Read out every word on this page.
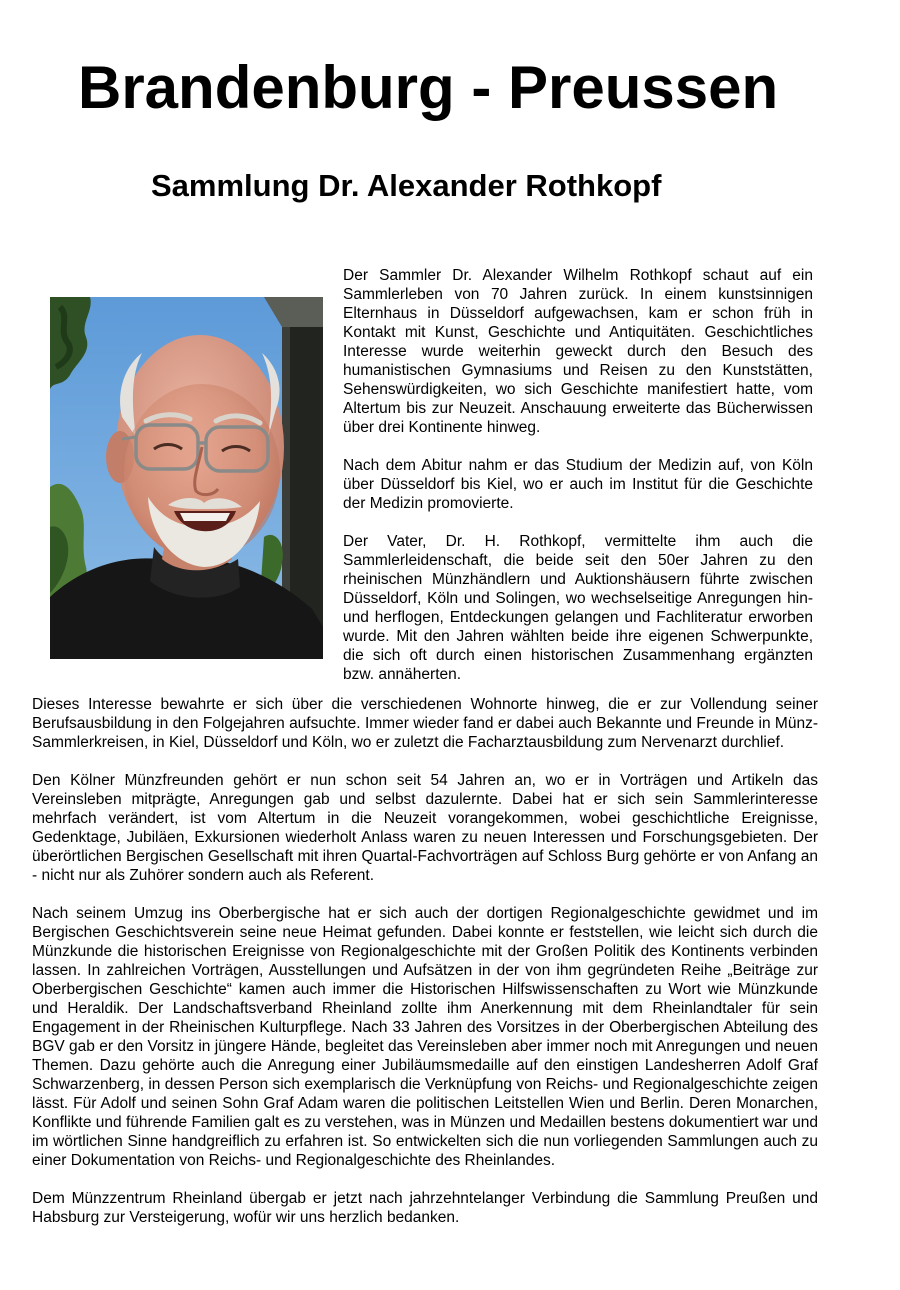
Brandenburg - Preussen
Sammlung Dr. Alexander Rothkopf

Der Sammler Dr. Alexander Wilhelm Rothkopf schaut auf ein Sammlerleben von 70 Jahren zurück. In einem kunstsinnigen Elternhaus in Düsseldorf aufgewachsen, kam er schon früh in Kontakt mit Kunst, Geschichte und Antiquitäten. Geschichtliches Interesse wurde weiterhin geweckt durch den Besuch des humanistischen Gymnasiums und Reisen zu den Kunststätten, Sehenswürdigkeiten, wo sich Geschichte manifestiert hatte, vom Altertum bis zur Neuzeit. Anschauung erweiterte das Bücherwissen über drei Kontinente hinweg.

Nach dem Abitur nahm er das Studium der Medizin auf, von Köln über Düsseldorf bis Kiel, wo er auch im Institut für die Geschichte der Medizin promovierte.

Der Vater, Dr. H. Rothkopf, vermittelte ihm auch die Sammlerleidenschaft, die beide seit den 50er Jahren zu den rheinischen Münzhändlern und Auktionshäusern führte zwischen Düsseldorf, Köln und Solingen, wo wechselseitige Anregungen hin- und herflogen, Entdeckungen gelangen und Fachliteratur erworben wurde. Mit den Jahren wählten beide ihre eigenen Schwerpunkte, die sich oft durch einen historischen Zusammenhang ergänzten bzw. annäherten.

Dieses Interesse bewahrte er sich über die verschiedenen Wohnorte hinweg, die er zur Vollendung seiner Berufsausbildung in den Folgejahren aufsuchte. Immer wieder fand er dabei auch Bekannte und Freunde in Münz-Sammlerkreisen, in Kiel, Düsseldorf und Köln, wo er zuletzt die Facharztausbildung zum Nervenarzt durchlief.

Den Kölner Münzfreunden gehört er nun schon seit 54 Jahren an, wo er in Vorträgen und Artikeln das Vereinsleben mitprägte, Anregungen gab und selbst dazulernte. Dabei hat er sich sein Sammlerinteresse mehrfach verändert, ist vom Altertum in die Neuzeit vorangekommen, wobei geschichtliche Ereignisse, Gedenktage, Jubiläen, Exkursionen wiederholt Anlass waren zu neuen Interessen und Forschungsgebieten. Der überörtlichen Bergischen Gesellschaft mit ihren Quartal-Fachvorträgen auf Schloss Burg gehörte er von Anfang an - nicht nur als Zuhörer sondern auch als Referent.

Nach seinem Umzug ins Oberbergische hat er sich auch der dortigen Regionalgeschichte gewidmet und im Bergischen Geschichtsverein seine neue Heimat gefunden. Dabei konnte er feststellen, wie leicht sich durch die Münzkunde die historischen Ereignisse von Regionalgeschichte mit der Großen Politik des Kontinents verbinden lassen. In zahlreichen Vorträgen, Ausstellungen und Aufsätzen in der von ihm gegründeten Reihe „Beiträge zur Oberbergischen Geschichte“ kamen auch immer die Historischen Hilfswissenschaften zu Wort wie Münzkunde und Heraldik. Der Landschaftsverband Rheinland zollte ihm Anerkennung mit dem Rheinlandtaler für sein Engagement in der Rheinischen Kulturpflege. Nach 33 Jahren des Vorsitzes in der Oberbergischen Abteilung des BGV gab er den Vorsitz in jüngere Hände, begleitet das Vereinsleben aber immer noch mit Anregungen und neuen Themen. Dazu gehörte auch die Anregung einer Jubiläumsmedaille auf den einstigen Landesherren Adolf Graf Schwarzenberg, in dessen Person sich exemplarisch die Verknüpfung von Reichs- und Regionalgeschichte zeigen lässt. Für Adolf und seinen Sohn Graf Adam waren die politischen Leitstellen Wien und Berlin. Deren Monarchen, Konflikte und führende Familien galt es zu verstehen, was in Münzen und Medaillen bestens dokumentiert war und im wörtlichen Sinne handgreiflich zu erfahren ist. So entwickelten sich die nun vorliegenden Sammlungen auch zu einer Dokumentation von Reichs- und Regionalgeschichte des Rheinlandes.

Dem Münzzentrum Rheinland übergab er jetzt nach jahrzehntelanger Verbindung die Sammlung Preußen und Habsburg zur Versteigerung, wofür wir uns herzlich bedanken.
